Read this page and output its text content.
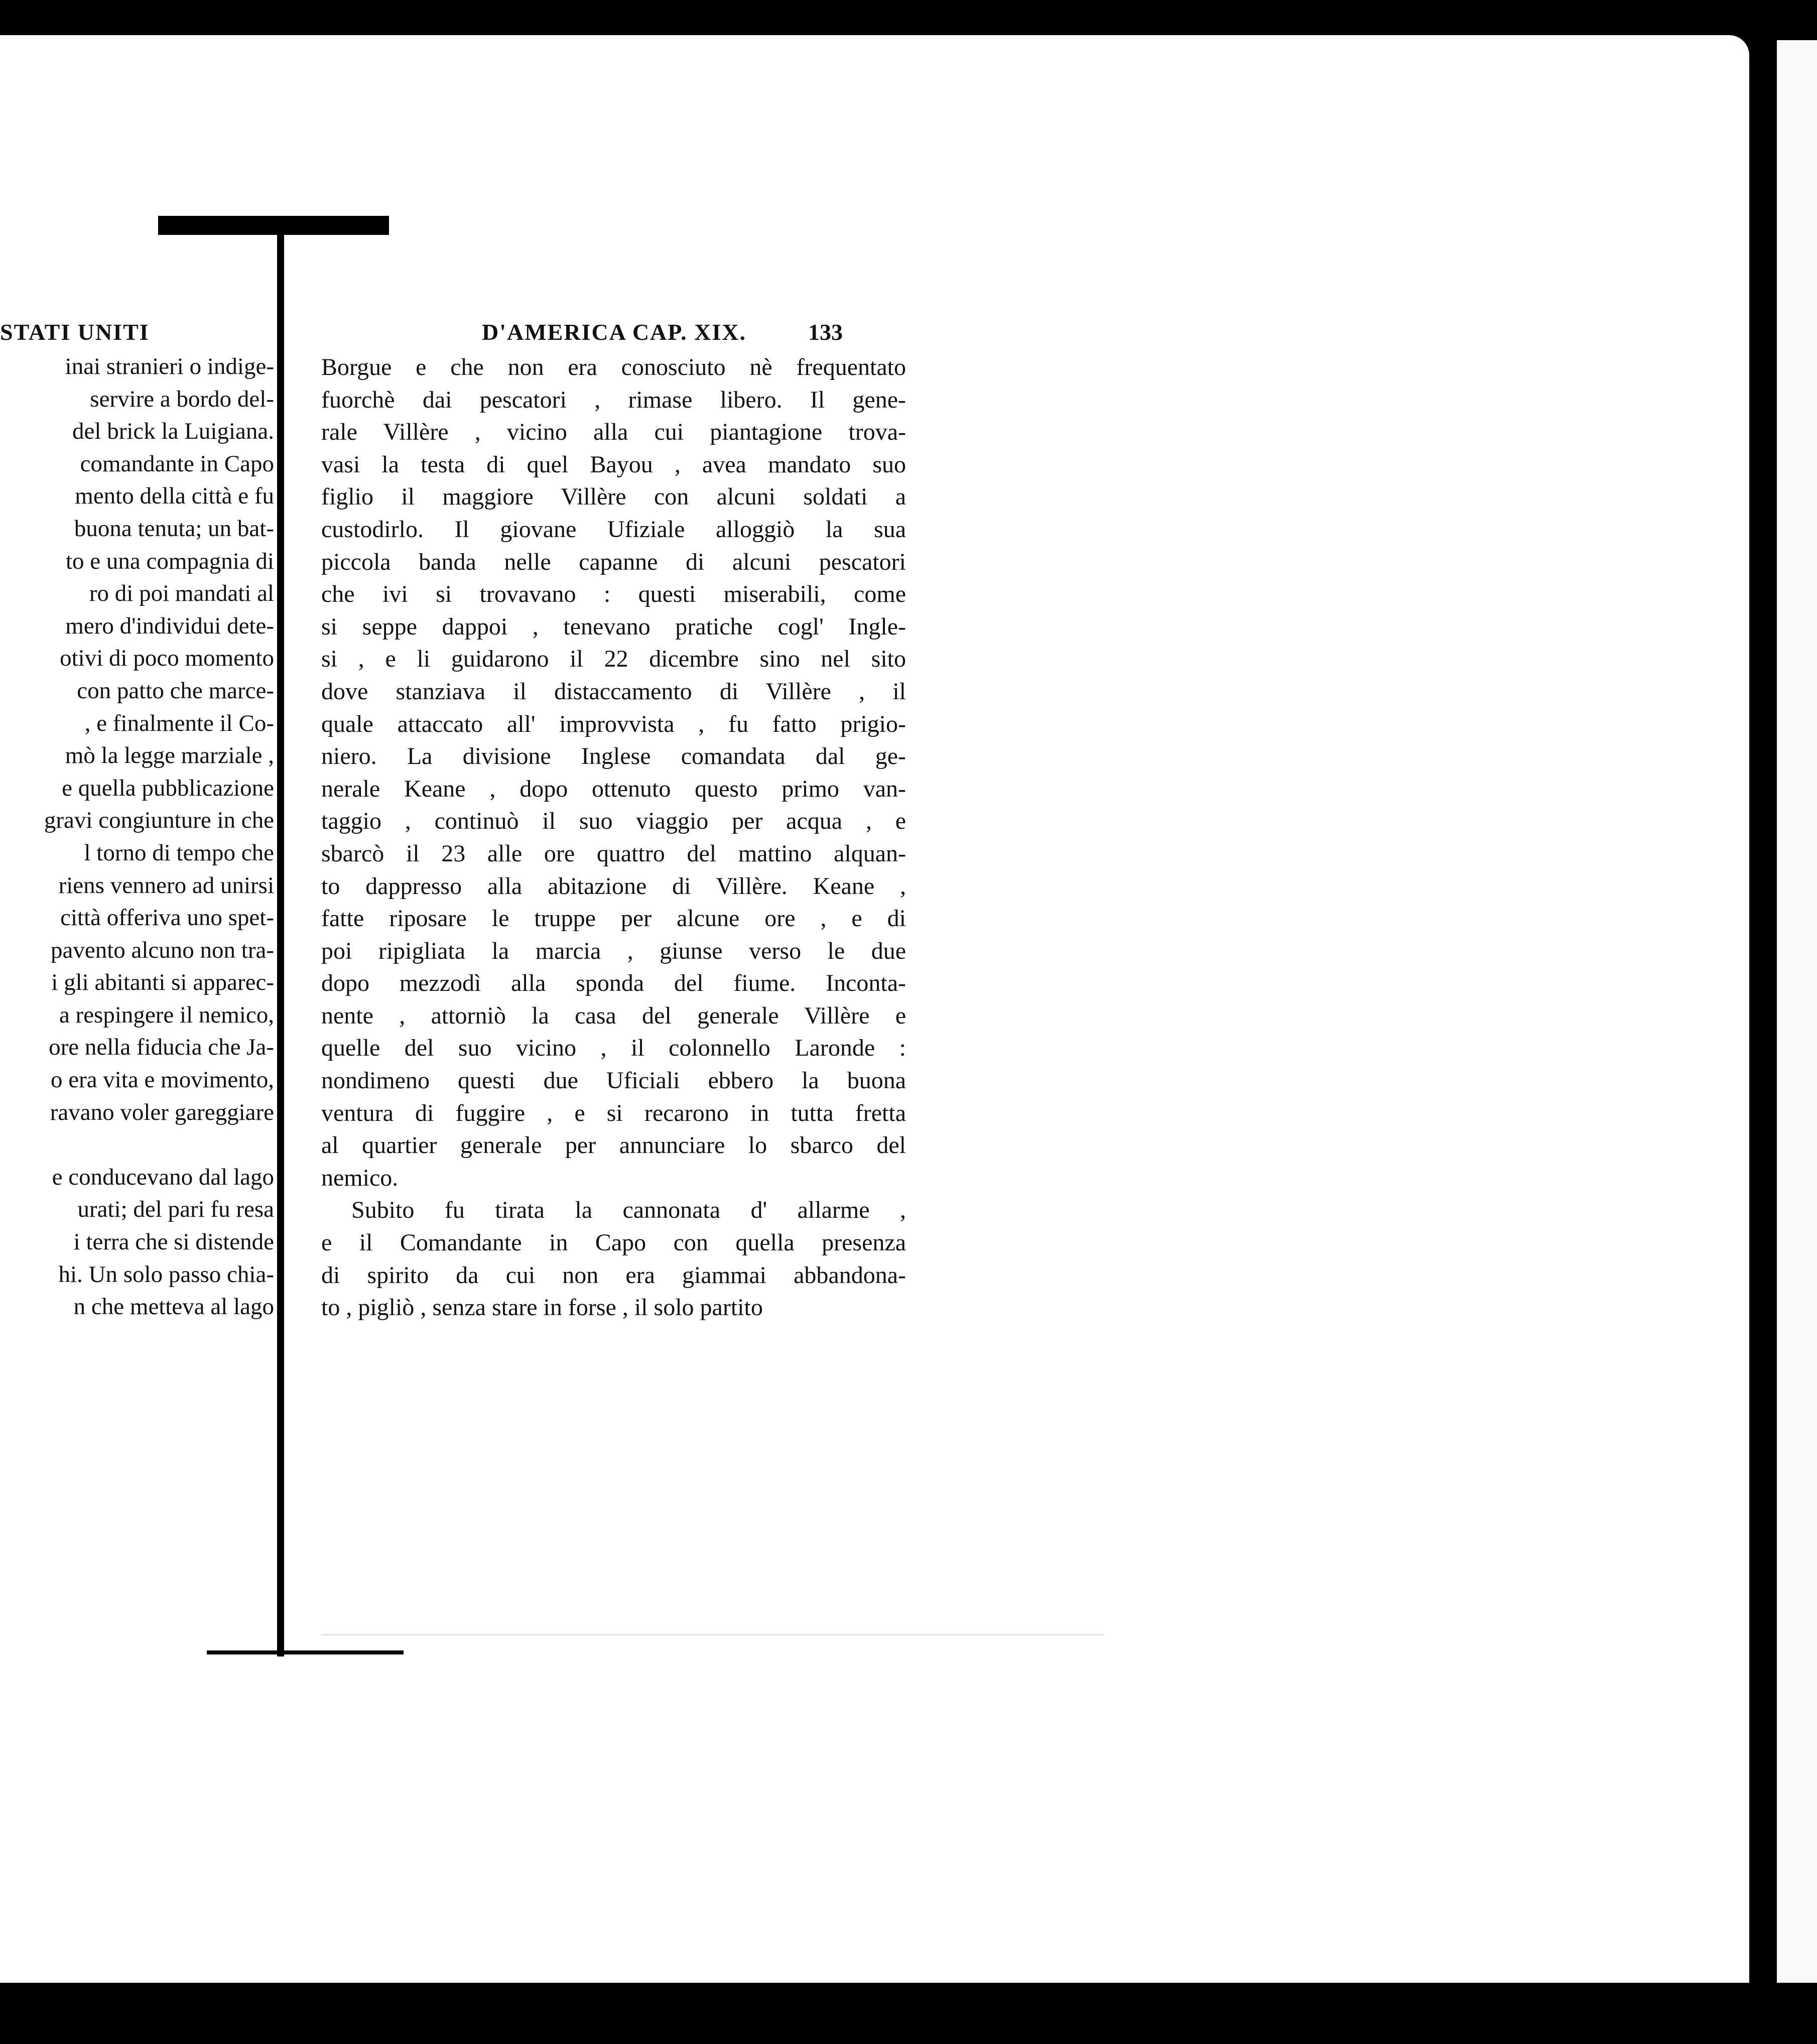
STATI UNITI	D'AMERICA CAP. XIX.	133
inai stranieri o indige-
servire a bordo del-
del brick la Luigiana.
comandante in Capo
mento della città e fu
buona tenuta; un bat-
to e una compagnia di
ro di poi mandati al
mero d'individui dete-
otivi di poco momento
con patto che marce-
, e finalmente il Co-
mò la legge marziale ,
e quella pubblicazione
gravi congiunture in che
l torno di tempo che
riens vennero ad unirsi
città offeriva uno spet-
pavento alcuno non tra-
i gli abitanti si apparec-
a respingere il nemico,
ore nella fiducia che Ja-
o era vita e movimento,
ravano voler gareggiare
e conducevano dal lago
urati; del pari fu resa
i terra che si distende
hi. Un solo passo chia-
n che metteva al lago
Borgue e che non era conosciuto nè frequentato
fuorchè dai pescatori , rimase libero. Il gene-
rale Villère , vicino alla cui piantagione trova-
vasi la testa di quel Bayou , avea mandato suo
figlio il maggiore Villère con alcuni soldati a
custodirlo. Il giovane Ufiziale alloggiò la sua
piccola banda nelle capanne di alcuni pescatori
che ivi si trovavano : questi miserabili, come
si seppe dappoi , tenevano pratiche cogl' Ingle-
si , e li guidarono il 22 dicembre sino nel sito
dove stanziava il distaccamento di Villère , il
quale attaccato all' improvvista , fu fatto prigio-
niero. La divisione Inglese comandata dal ge-
nerale Keane , dopo ottenuto questo primo van-
taggio , continuò il suo viaggio per acqua , e
sbarcò il 23 alle ore quattro del mattino alquan-
to dappresso alla abitazione di Villère. Keane ,
fatte riposare le truppe per alcune ore , e di
poi ripigliata la marcia , giunse verso le due
dopo mezzodì alla sponda del fiume. Inconta-
nente , attorniò la casa del generale Villère e
quelle del suo vicino , il colonnello Laronde :
nondimeno questi due Uficiali ebbero la buona
ventura di fuggire , e si recarono in tutta fretta
al quartier generale per annunciare lo sbarco del
nemico.
Subito fu tirata la cannonata d' allarme ,
e il Comandante in Capo con quella presenza
di spirito da cui non era giammai abbandona-
to , pigliò , senza stare in forse , il solo partito
